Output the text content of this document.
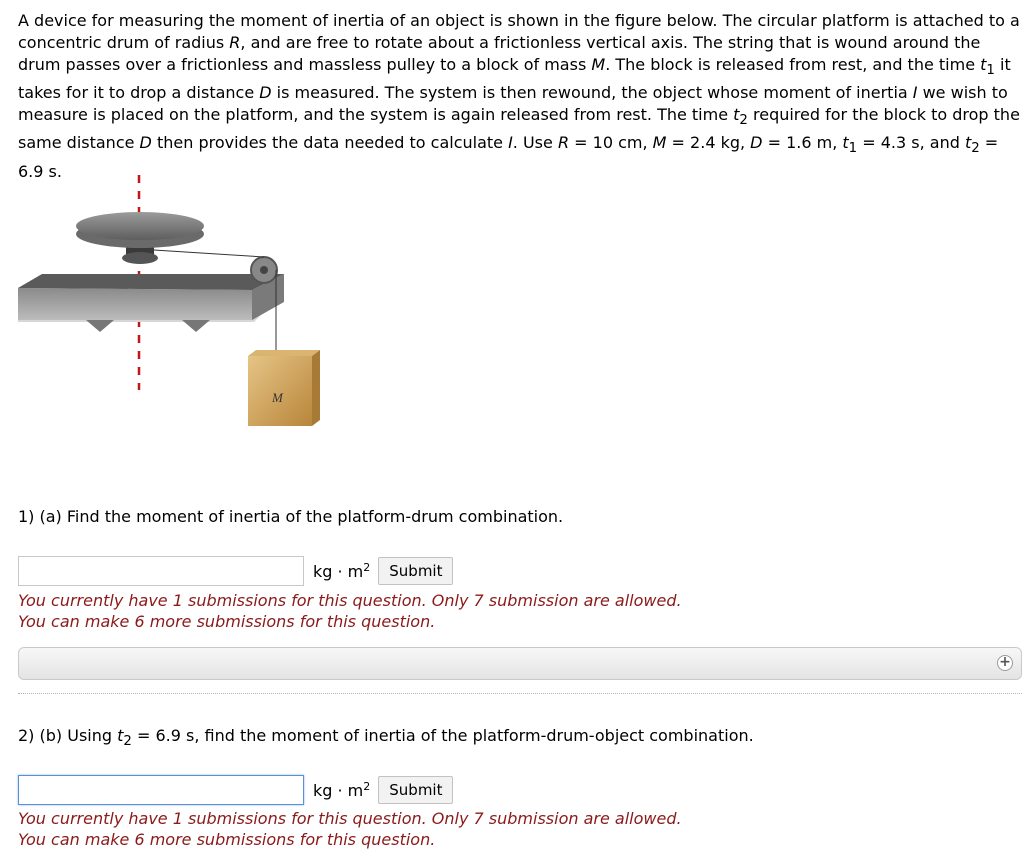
A device for measuring the moment of inertia of an object is shown in the figure below. The circular platform is attached to a concentric drum of radius R, and are free to rotate about a frictionless vertical axis. The string that is wound around the drum passes over a frictionless and massless pulley to a block of mass M. The block is released from rest, and the time $t_1$ it takes for it to drop a distance D is measured. The system is then rewound, the object whose moment of inertia I we wish to measure is placed on the platform, and the system is again released from rest. The time $t_2$ required for the block to drop the same distance D then provides the data needed to calculate I. Use R = 10 cm, M = 2.4 kg, D = 1.6 m, $t_1 = 4.3$ s, and $t_2 = 6.9$ s.
M
1) (a) Find the moment of inertia of the platform-drum combination.
kg · $m^2$	Submit
You currently have 1 submissions for this question. Only 7 submission are allowed.
You can make 6 more submissions for this question.
+
2) (b) Using $t_2 = 6.9$ s, find the moment of inertia of the platform-drum-object combination.
kg · $m^2$	Submit
You currently have 1 submissions for this question. Only 7 submission are allowed.
You can make 6 more submissions for this question.
